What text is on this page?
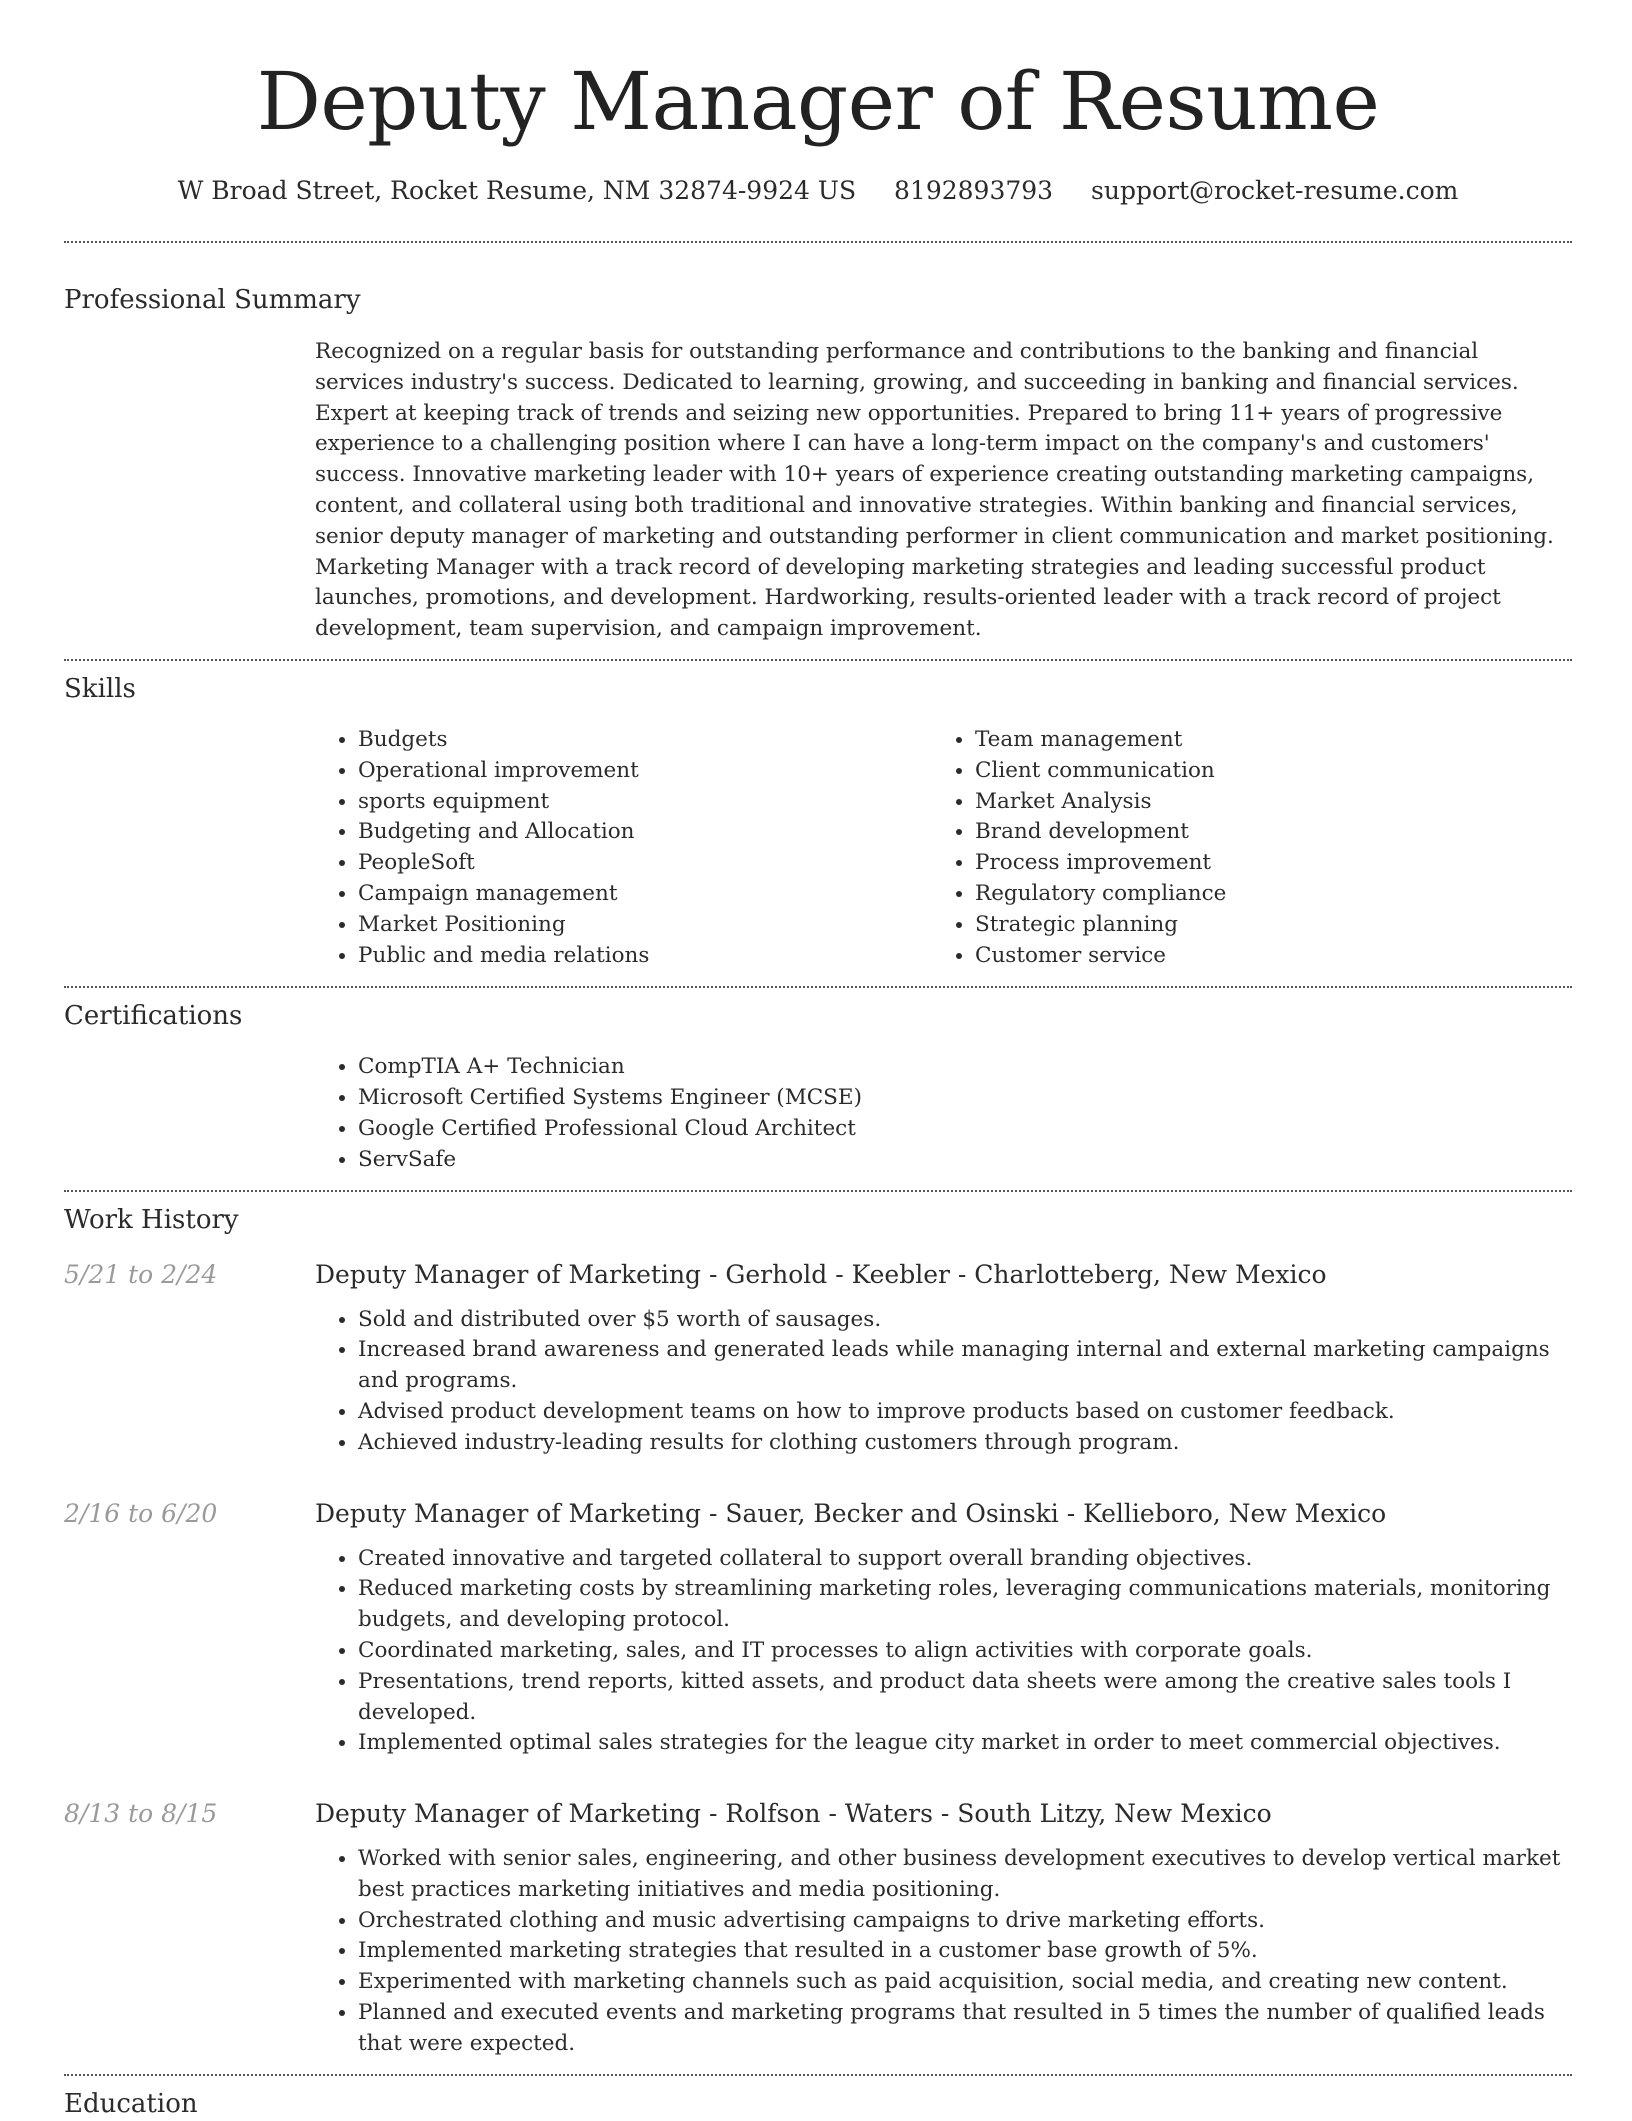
Deputy Manager of Resume
W Broad Street, Rocket Resume, NM 32874-9924 US 8192893793 support@rocket-resume.com
Professional Summary

Recognized on a regular basis for outstanding performance and contributions to the banking and financial services industry's success. Dedicated to learning, growing, and succeeding in banking and financial services. Expert at keeping track of trends and seizing new opportunities. Prepared to bring 11+ years of progressive experience to a challenging position where I can have a long-term impact on the company's and customers' success. Innovative marketing leader with 10+ years of experience creating outstanding marketing campaigns, content, and collateral using both traditional and innovative strategies. Within banking and financial services, senior deputy manager of marketing and outstanding performer in client communication and market positioning. Marketing Manager with a track record of developing marketing strategies and leading successful product launches, promotions, and development. Hardworking, results-oriented leader with a track record of project development, team supervision, and campaign improvement.

Skills
• Budgets
• Operational improvement
• sports equipment
• Budgeting and Allocation
• PeopleSoft
• Campaign management
• Market Positioning
• Public and media relations
• Team management
• Client communication
• Market Analysis
• Brand development
• Process improvement
• Regulatory compliance
• Strategic planning
• Customer service
Certifications
• CompTIA A+ Technician
• Microsoft Certified Systems Engineer (MCSE)
• Google Certified Professional Cloud Architect
• ServSafe
Work History
5/21 to 2/24	Deputy Manager of Marketing - Gerhold - Keebler - Charlotteberg, New Mexico
• Sold and distributed over $5 worth of sausages.
• Increased brand awareness and generated leads while managing internal and external marketing campaigns and programs.
• Advised product development teams on how to improve products based on customer feedback.
• Achieved industry-leading results for clothing customers through program.
2/16 to 6/20	Deputy Manager of Marketing - Sauer, Becker and Osinski - Kellieboro, New Mexico
• Created innovative and targeted collateral to support overall branding objectives.
• Reduced marketing costs by streamlining marketing roles, leveraging communications materials, monitoring budgets, and developing protocol.
• Coordinated marketing, sales, and IT processes to align activities with corporate goals.
• Presentations, trend reports, kitted assets, and product data sheets were among the creative sales tools I developed.
• Implemented optimal sales strategies for the league city market in order to meet commercial objectives.
8/13 to 8/15	Deputy Manager of Marketing - Rolfson - Waters - South Litzy, New Mexico
• Worked with senior sales, engineering, and other business development executives to develop vertical market best practices marketing initiatives and media positioning.
• Orchestrated clothing and music advertising campaigns to drive marketing efforts.
• Implemented marketing strategies that resulted in a customer base growth of 5%.
• Experimented with marketing channels such as paid acquisition, social media, and creating new content.
• Planned and executed events and marketing programs that resulted in 5 times the number of qualified leads that were expected.
Education
